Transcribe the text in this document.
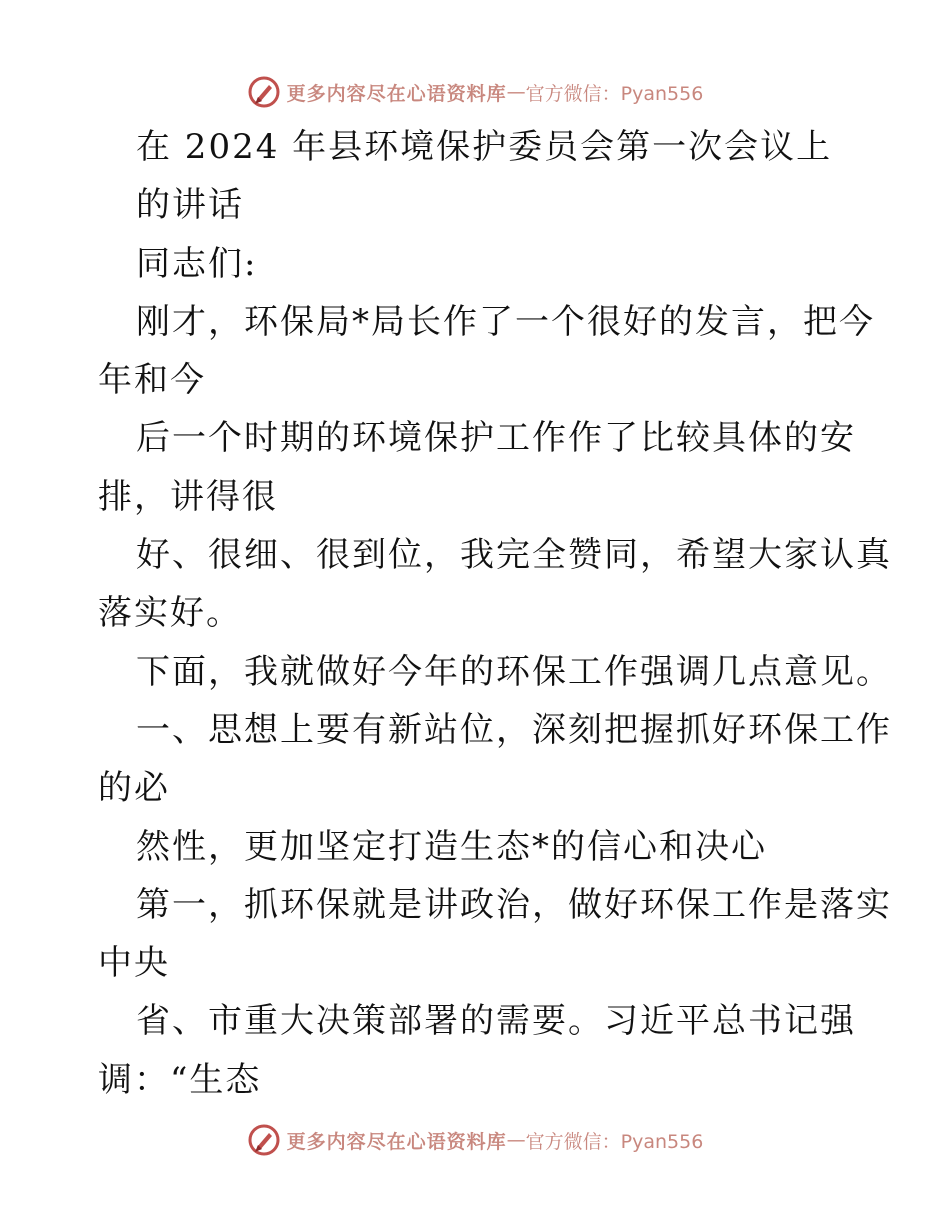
更多内容尽在心语资料库 — 官方微信：Pyan556
在 2024 年县环境保护委员会第一次会议上
的讲话
同志们:
刚才，环保局*局长作了一个很好的发言，把今
年和今
后一个时期的环境保护工作作了比较具体的安
排，讲得很
好、很细、很到位，我完全赞同，希望大家认真
落实好。
下面，我就做好今年的环保工作强调几点意见。
一、思想上要有新站位，深刻把握抓好环保工作
的必
然性，更加坚定打造生态*的信心和决心
第一，抓环保就是讲政治，做好环保工作是落实
中央
省、市重大决策部署的需要。习近平总书记强
调：“生态
更多内容尽在心语资料库 — 官方微信：Pyan556
